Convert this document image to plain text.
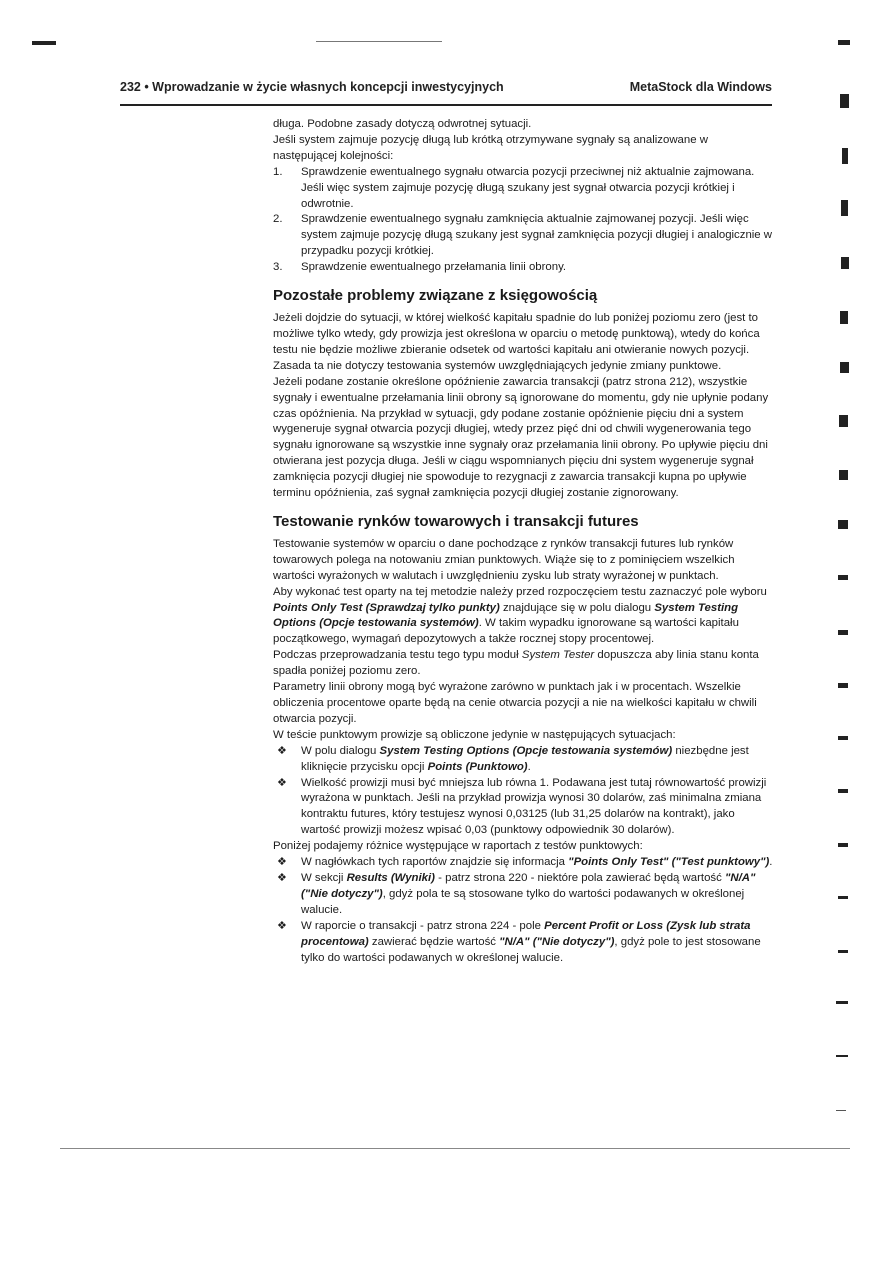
232 • Wprowadzanie w życie własnych koncepcji inwestycyjnych	MetaStock dla Windows

długa. Podobne zasady dotyczą odwrotnej sytuacji.

Jeśli system zajmuje pozycję długą lub krótką otrzymywane sygnały są analizowane w następującej kolejności:

1. Sprawdzenie ewentualnego sygnału otwarcia pozycji przeciwnej niż aktualnie zajmowana. Jeśli więc system zajmuje pozycję długą szukany jest sygnał otwarcia pozycji krótkiej i odwrotnie.
2. Sprawdzenie ewentualnego sygnału zamknięcia aktualnie zajmowanej pozycji. Jeśli więc system zajmuje pozycję długą szukany jest sygnał zamknięcia pozycji długiej i analogicznie w przypadku pozycji krótkiej.
3. Sprawdzenie ewentualnego przełamania linii obrony.
Pozostałe problemy związane z księgowością

Jeżeli dojdzie do sytuacji, w której wielkość kapitału spadnie do lub poniżej poziomu zero (jest to możliwe tylko wtedy, gdy prowizja jest określona w oparciu o metodę punktową), wtedy do końca testu nie będzie możliwe zbieranie odsetek od wartości kapitału ani otwieranie nowych pozycji. Zasada ta nie dotyczy testowania systemów uwzględniających jedynie zmiany punktowe.

Jeżeli podane zostanie określone opóźnienie zawarcia transakcji (patrz strona 212), wszystkie sygnały i ewentualne przełamania linii obrony są ignorowane do momentu, gdy nie upłynie podany czas opóźnienia. Na przykład w sytuacji, gdy podane zostanie opóźnienie pięciu dni a system wygeneruje sygnał otwarcia pozycji długiej, wtedy przez pięć dni od chwili wygenerowania tego sygnału ignorowane są wszystkie inne sygnały oraz przełamania linii obrony. Po upływie pięciu dni otwierana jest pozycja długa. Jeśli w ciągu wspomnianych pięciu dni system wygeneruje sygnał zamknięcia pozycji długiej nie spowoduje to rezygnacji z zawarcia transakcji kupna po upływie terminu opóźnienia, zaś sygnał zamknięcia pozycji długiej zostanie zignorowany.

Testowanie rynków towarowych i transakcji futures

Testowanie systemów w oparciu o dane pochodzące z rynków transakcji futures lub rynków towarowych polega na notowaniu zmian punktowych. Wiąże się to z pominięciem wszelkich wartości wyrażonych w walutach i uwzględnieniu zysku lub straty wyrażonej w punktach.

Aby wykonać test oparty na tej metodzie należy przed rozpoczęciem testu zaznaczyć pole wyboru Points Only Test (Sprawdzaj tylko punkty) znajdujące się w polu dialogu System Testing Options (Opcje testowania systemów). W takim wypadku ignorowane są wartości kapitału początkowego, wymagań depozytowych a także rocznej stopy procentowej.

Podczas przeprowadzania testu tego typu moduł System Tester dopuszcza aby linia stanu konta spadła poniżej poziomu zero.

Parametry linii obrony mogą być wyrażone zarówno w punktach jak i w procentach. Wszelkie obliczenia procentowe oparte będą na cenie otwarcia pozycji a nie na wielkości kapitału w chwili otwarcia pozycji.

W teście punktowym prowizje są obliczone jedynie w następujących sytuacjach:

❖ W polu dialogu System Testing Options (Opcje testowania systemów) niezbędne jest kliknięcie przycisku opcji Points (Punktowo).
❖ Wielkość prowizji musi być mniejsza lub równa 1. Podawana jest tutaj równowartość prowizji wyrażona w punktach. Jeśli na przykład prowizja wynosi 30 dolarów, zaś minimalna zmiana kontraktu futures, który testujesz wynosi 0,03125 (lub 31,25 dolarów na kontrakt), jako wartość prowizji możesz wpisać 0,03 (punktowy odpowiednik 30 dolarów).

Poniżej podajemy różnice występujące w raportach z testów punktowych:

❖ W nagłówkach tych raportów znajdzie się informacja "Points Only Test" ("Test punktowy").
❖ W sekcji Results (Wyniki) - patrz strona 220 - niektóre pola zawierać będą wartość "N/A" ("Nie dotyczy"), gdyż pola te są stosowane tylko do wartości podawanych w określonej walucie.
❖ W raporcie o transakcji - patrz strona 224 - pole Percent Profit or Loss (Zysk lub strata procentowa) zawierać będzie wartość "N/A" ("Nie dotyczy"), gdyż pole to jest stosowane tylko do wartości podawanych w określonej walucie.
